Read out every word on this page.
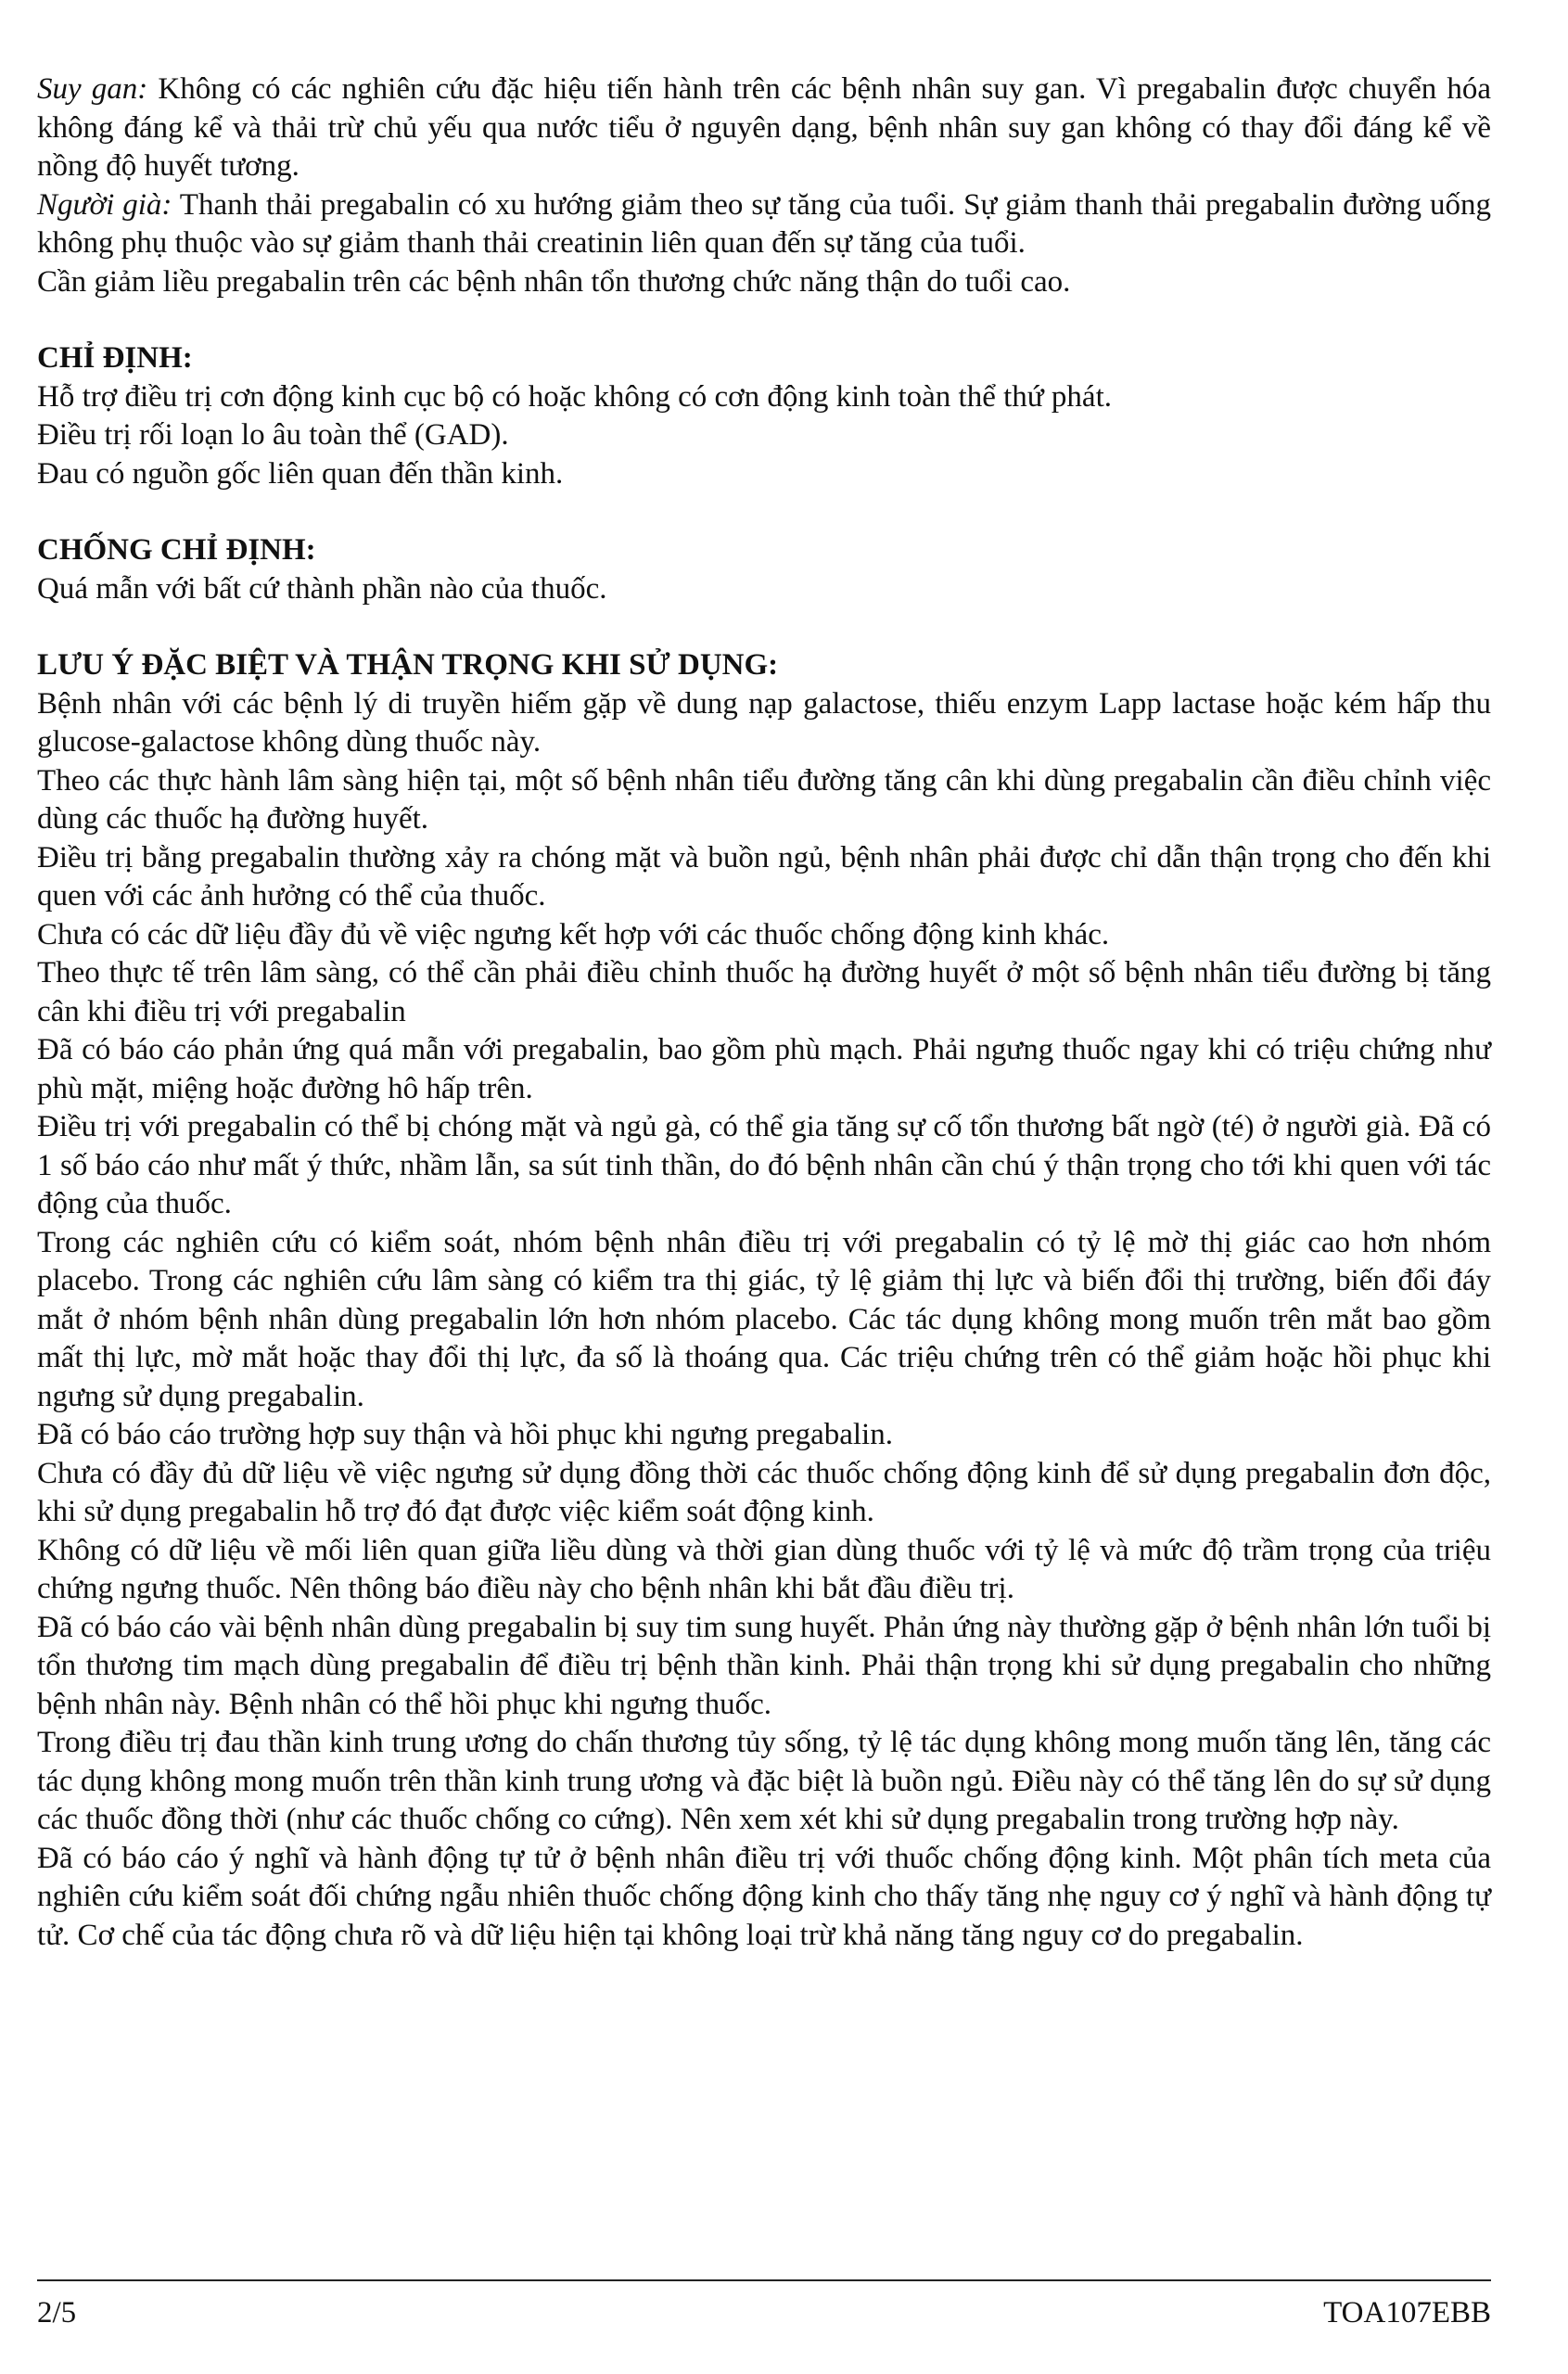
Suy gan: Không có các nghiên cứu đặc hiệu tiến hành trên các bệnh nhân suy gan. Vì pregabalin được chuyển hóa không đáng kể và thải trừ chủ yếu qua nước tiểu ở nguyên dạng, bệnh nhân suy gan không có thay đổi đáng kể về nồng độ huyết tương.

Người già: Thanh thải pregabalin có xu hướng giảm theo sự tăng của tuổi. Sự giảm thanh thải pregabalin đường uống không phụ thuộc vào sự giảm thanh thải creatinin liên quan đến sự tăng của tuổi.

Cần giảm liều pregabalin trên các bệnh nhân tổn thương chức năng thận do tuổi cao.

CHỈ ĐỊNH:

Hỗ trợ điều trị cơn động kinh cục bộ có hoặc không có cơn động kinh toàn thể thứ phát.

Điều trị rối loạn lo âu toàn thể (GAD).

Đau có nguồn gốc liên quan đến thần kinh.

CHỐNG CHỈ ĐỊNH:

Quá mẫn với bất cứ thành phần nào của thuốc.

LƯU Ý ĐẶC BIỆT VÀ THẬN TRỌNG KHI SỬ DỤNG:

Bệnh nhân với các bệnh lý di truyền hiếm gặp về dung nạp galactose, thiếu enzym Lapp lactase hoặc kém hấp thu glucose-galactose không dùng thuốc này.

Theo các thực hành lâm sàng hiện tại, một số bệnh nhân tiểu đường tăng cân khi dùng pregabalin cần điều chỉnh việc dùng các thuốc hạ đường huyết.

Điều trị bằng pregabalin thường xảy ra chóng mặt và buồn ngủ, bệnh nhân phải được chỉ dẫn thận trọng cho đến khi quen với các ảnh hưởng có thể của thuốc.

Chưa có các dữ liệu đầy đủ về việc ngưng kết hợp với các thuốc chống động kinh khác.

Theo thực tế trên lâm sàng, có thể cần phải điều chỉnh thuốc hạ đường huyết ở một số bệnh nhân tiểu đường bị tăng cân khi điều trị với pregabalin

Đã có báo cáo phản ứng quá mẫn với pregabalin, bao gồm phù mạch. Phải ngưng thuốc ngay khi có triệu chứng như phù mặt, miệng hoặc đường hô hấp trên.

Điều trị với pregabalin có thể bị chóng mặt và ngủ gà, có thể gia tăng sự cố tổn thương bất ngờ (té) ở người già. Đã có 1 số báo cáo như mất ý thức, nhầm lẫn, sa sút tinh thần, do đó bệnh nhân cần chú ý thận trọng cho tới khi quen với tác động của thuốc.

Trong các nghiên cứu có kiểm soát, nhóm bệnh nhân điều trị với pregabalin có tỷ lệ mờ thị giác cao hơn nhóm placebo. Trong các nghiên cứu lâm sàng có kiểm tra thị giác, tỷ lệ giảm thị lực và biến đổi thị trường, biến đổi đáy mắt ở nhóm bệnh nhân dùng pregabalin lớn hơn nhóm placebo. Các tác dụng không mong muốn trên mắt bao gồm mất thị lực, mờ mắt hoặc thay đổi thị lực, đa số là thoáng qua. Các triệu chứng trên có thể giảm hoặc hồi phục khi ngưng sử dụng pregabalin.

Đã có báo cáo trường hợp suy thận và hồi phục khi ngưng pregabalin.

Chưa có đầy đủ dữ liệu về việc ngưng sử dụng đồng thời các thuốc chống động kinh để sử dụng pregabalin đơn độc, khi sử dụng pregabalin hỗ trợ đó đạt được việc kiểm soát động kinh.

Không có dữ liệu về mối liên quan giữa liều dùng và thời gian dùng thuốc với tỷ lệ và mức độ trầm trọng của triệu chứng ngưng thuốc. Nên thông báo điều này cho bệnh nhân khi bắt đầu điều trị.

Đã có báo cáo vài bệnh nhân dùng pregabalin bị suy tim sung huyết. Phản ứng này thường gặp ở bệnh nhân lớn tuổi bị tổn thương tim mạch dùng pregabalin để điều trị bệnh thần kinh. Phải thận trọng khi sử dụng pregabalin cho những bệnh nhân này. Bệnh nhân có thể hồi phục khi ngưng thuốc.

Trong điều trị đau thần kinh trung ương do chấn thương tủy sống, tỷ lệ tác dụng không mong muốn tăng lên, tăng các tác dụng không mong muốn trên thần kinh trung ương và đặc biệt là buồn ngủ. Điều này có thể tăng lên do sự sử dụng các thuốc đồng thời (như các thuốc chống co cứng). Nên xem xét khi sử dụng pregabalin trong trường hợp này.

Đã có báo cáo ý nghĩ và hành động tự tử ở bệnh nhân điều trị với thuốc chống động kinh. Một phân tích meta của nghiên cứu kiểm soát đối chứng ngẫu nhiên thuốc chống động kinh cho thấy tăng nhẹ nguy cơ ý nghĩ và hành động tự tử. Cơ chế của tác động chưa rõ và dữ liệu hiện tại không loại trừ khả năng tăng nguy cơ do pregabalin.

2/5	TOA107EBB
